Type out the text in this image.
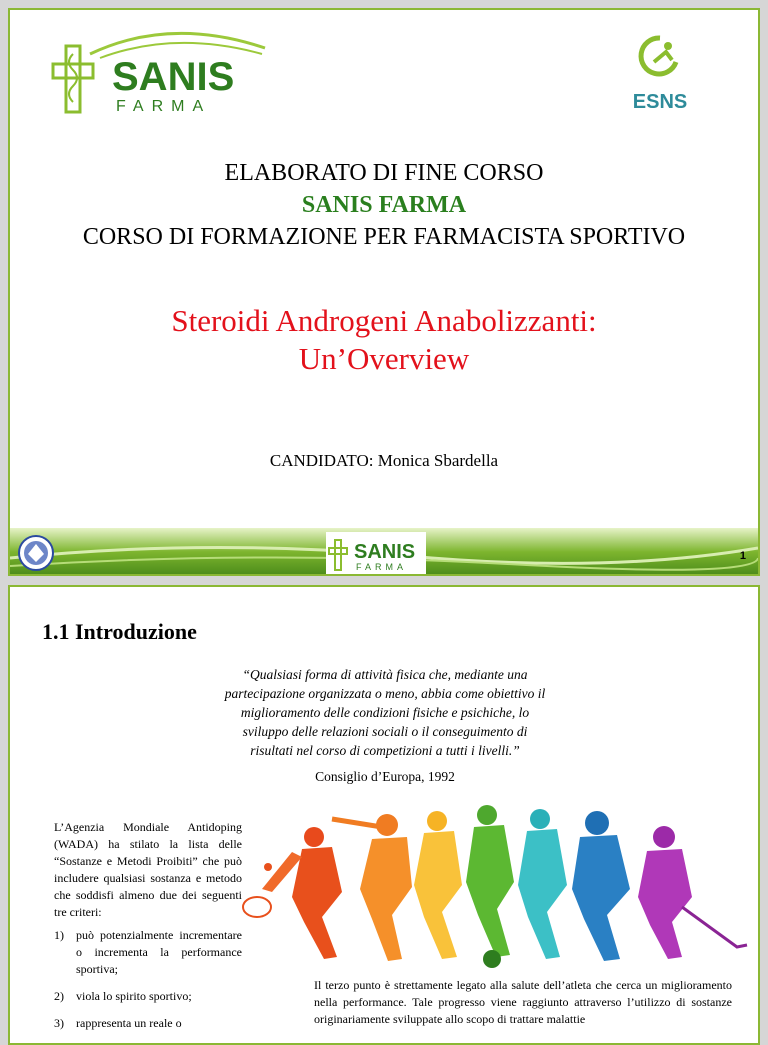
SANIS
FARMA	ESNS
ELABORATO DI FINE CORSO
SANIS FARMA
CORSO DI FORMAZIONE PER FARMACISTA SPORTIVO
Steroidi Androgeni Anabolizzanti:
Un’Overview
CANDIDATO: Monica Sbardella
SANIS
FARMA
1
1.1 Introduzione
“Qualsiasi forma di attività fisica che, mediante una
partecipazione organizzata o meno, abbia come obiettivo il
miglioramento delle condizioni fisiche e psichiche, lo
sviluppo delle relazioni sociali o il conseguimento di
risultati nel corso di competizioni a tutti i livelli.”
Consiglio d’Europa, 1992
L’Agenzia Mondiale Antidoping (WADA) ha stilato la lista delle “Sostanze e Metodi Proibiti” che può includere qualsiasi sostanza e metodo che soddisfi almeno due dei seguenti tre criteri:
1)	può potenzialmente incrementare o incrementa la performance sportiva;
2)	viola lo spirito sportivo;
3)	rappresenta un reale o
Il terzo punto è strettamente legato alla salute dell’atleta che cerca un miglioramento nella performance. Tale progresso viene raggiunto attraverso l’utilizzo di sostanze originariamente sviluppate allo scopo di trattare malattie
